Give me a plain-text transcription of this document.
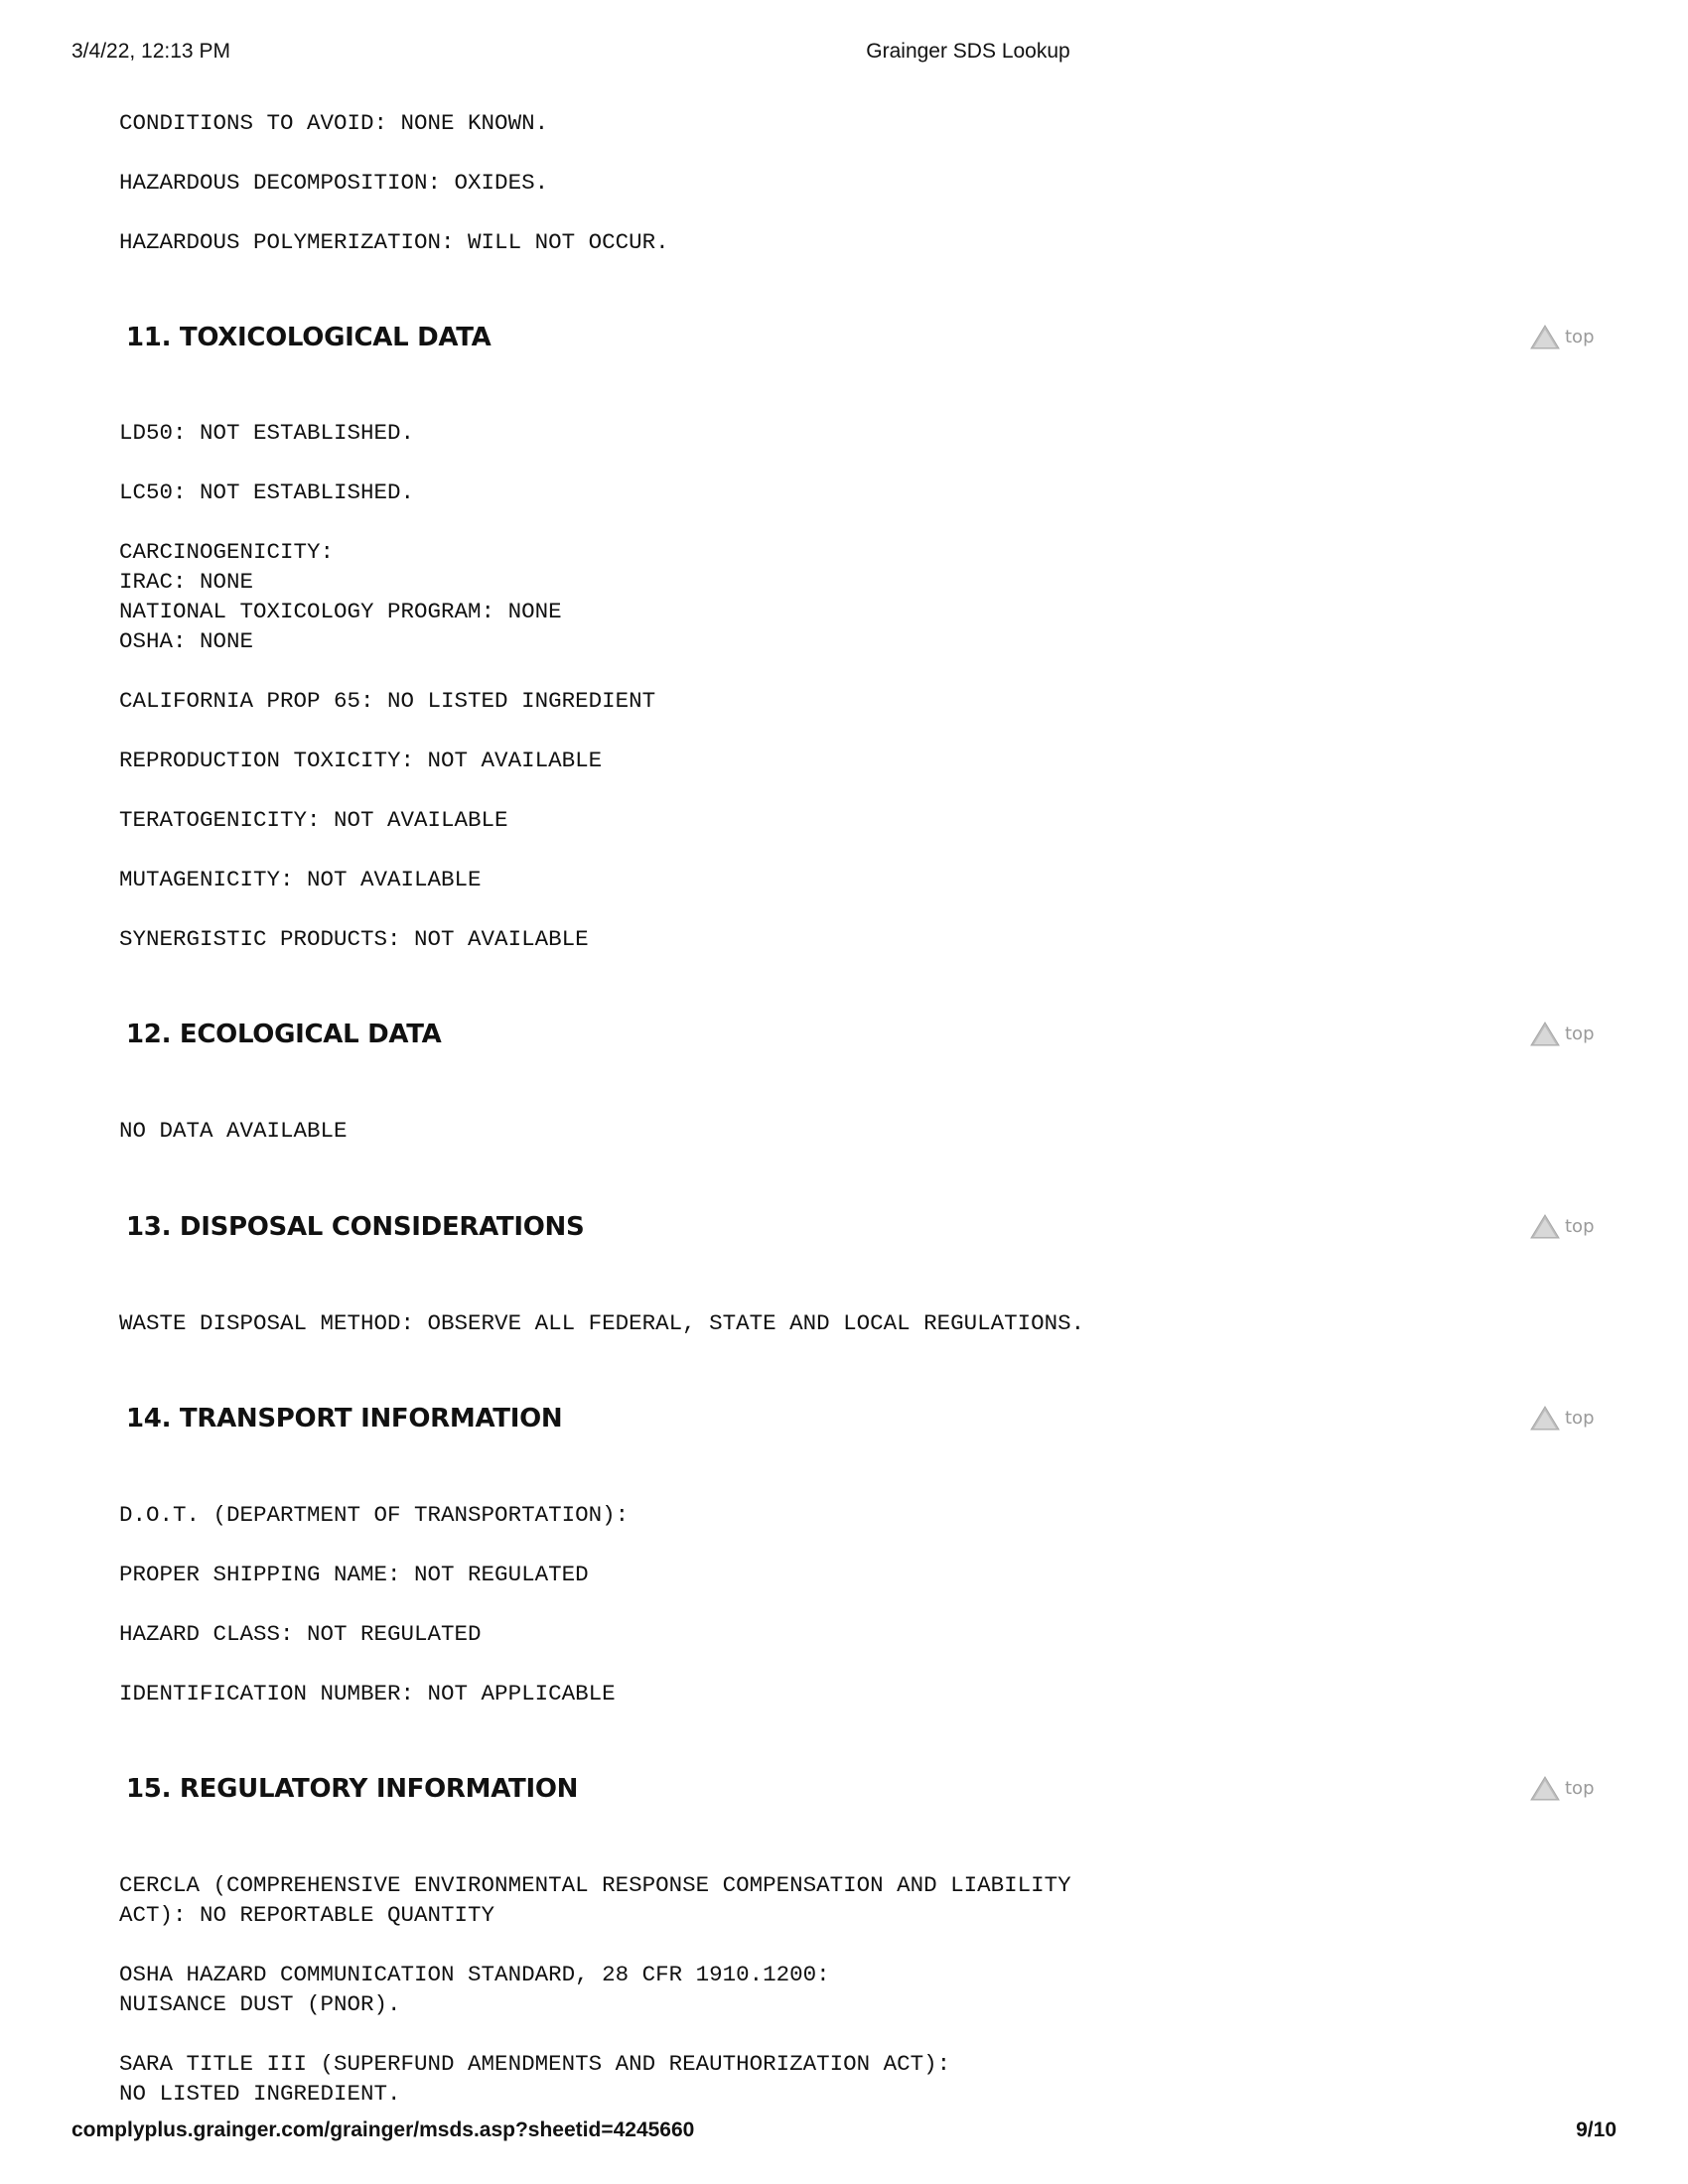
3/4/22, 12:13 PM	Grainger SDS Lookup
CONDITIONS TO AVOID: NONE KNOWN.
HAZARDOUS DECOMPOSITION: OXIDES.
HAZARDOUS POLYMERIZATION: WILL NOT OCCUR.
11. TOXICOLOGICAL DATA	top
LD50: NOT ESTABLISHED.
LC50: NOT ESTABLISHED.
CARCINOGENICITY:
IRAC: NONE
NATIONAL TOXICOLOGY PROGRAM: NONE
OSHA: NONE
CALIFORNIA PROP 65: NO LISTED INGREDIENT
REPRODUCTION TOXICITY: NOT AVAILABLE
TERATOGENICITY: NOT AVAILABLE
MUTAGENICITY: NOT AVAILABLE
SYNERGISTIC PRODUCTS: NOT AVAILABLE
12. ECOLOGICAL DATA	top
NO DATA AVAILABLE
13. DISPOSAL CONSIDERATIONS	top
WASTE DISPOSAL METHOD: OBSERVE ALL FEDERAL, STATE AND LOCAL REGULATIONS.
14. TRANSPORT INFORMATION	top
D.O.T. (DEPARTMENT OF TRANSPORTATION):
PROPER SHIPPING NAME: NOT REGULATED
HAZARD CLASS: NOT REGULATED
IDENTIFICATION NUMBER: NOT APPLICABLE
15. REGULATORY INFORMATION	top
CERCLA (COMPREHENSIVE ENVIRONMENTAL RESPONSE COMPENSATION AND LIABILITY
ACT): NO REPORTABLE QUANTITY
OSHA HAZARD COMMUNICATION STANDARD, 28 CFR 1910.1200:
NUISANCE DUST (PNOR).
SARA TITLE III (SUPERFUND AMENDMENTS AND REAUTHORIZATION ACT):
NO LISTED INGREDIENT.
complyplus.grainger.com/grainger/msds.asp?sheetid=4245660	9/10
